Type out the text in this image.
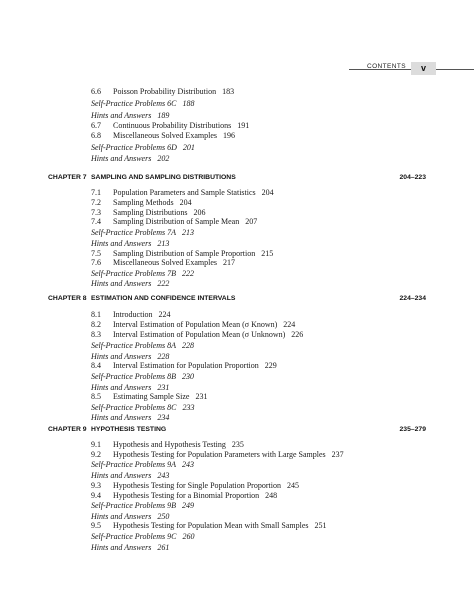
CONTENTS	v
6.6 Poisson Probability Distribution 183
Self-Practice Problems 6C 188
Hints and Answers 189
6.7 Continuous Probability Distributions 191
6.8 Miscellaneous Solved Examples 196
Self-Practice Problems 6D 201
Hints and Answers 202
CHAPTER 7 SAMPLING AND SAMPLING DISTRIBUTIONS	204–223
7.1 Population Parameters and Sample Statistics 204
7.2 Sampling Methods 204
7.3 Sampling Distributions 206
7.4 Sampling Distribution of Sample Mean 207
Self-Practice Problems 7A 213
Hints and Answers 213
7.5 Sampling Distribution of Sample Proportion 215
7.6 Miscellaneous Solved Examples 217
Self-Practice Problems 7B 222
Hints and Answers 222
CHAPTER 8 ESTIMATION AND CONFIDENCE INTERVALS	224–234
8.1 Introduction 224
8.2 Interval Estimation of Population Mean (σ Known) 224
8.3 Interval Estimation of Population Mean (σ Unknown) 226
Self-Practice Problems 8A 228
Hints and Answers 228
8.4 Interval Estimation for Population Proportion 229
Self-Practice Problems 8B 230
Hints and Answers 231
8.5 Estimating Sample Size 231
Self-Practice Problems 8C 233
Hints and Answers 234
CHAPTER 9 HYPOTHESIS TESTING	235–279
9.1 Hypothesis and Hypothesis Testing 235
9.2 Hypothesis Testing for Population Parameters with Large Samples 237
Self-Practice Problems 9A 243
Hints and Answers 243
9.3 Hypothesis Testing for Single Population Proportion 245
9.4 Hypothesis Testing for a Binomial Proportion 248
Self-Practice Problems 9B 249
Hints and Answers 250
9.5 Hypothesis Testing for Population Mean with Small Samples 251
Self-Practice Problems 9C 260
Hints and Answers 261
